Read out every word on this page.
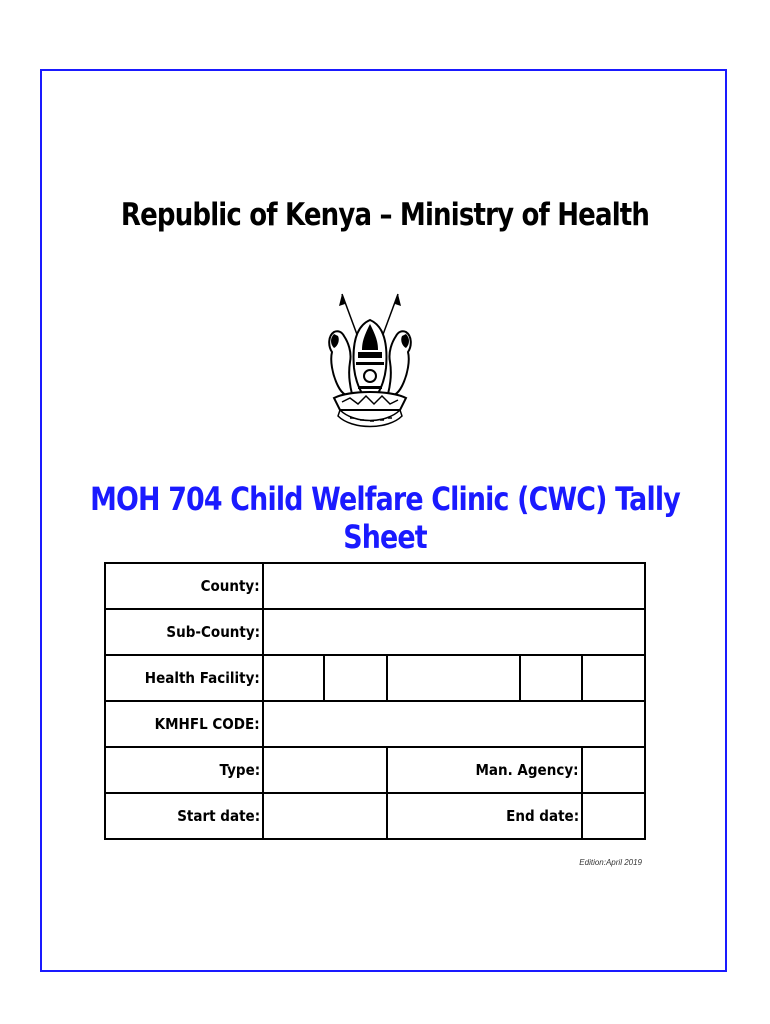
Republic of Kenya – Ministry of Health
MOH 704 Child Welfare Clinic (CWC) Tally Sheet
County:					
Sub-County:					
Health Facility:					
KMHFL CODE:					
Type:			Man. Agency:		
Start date:			End date:		
Edition:April 2019
